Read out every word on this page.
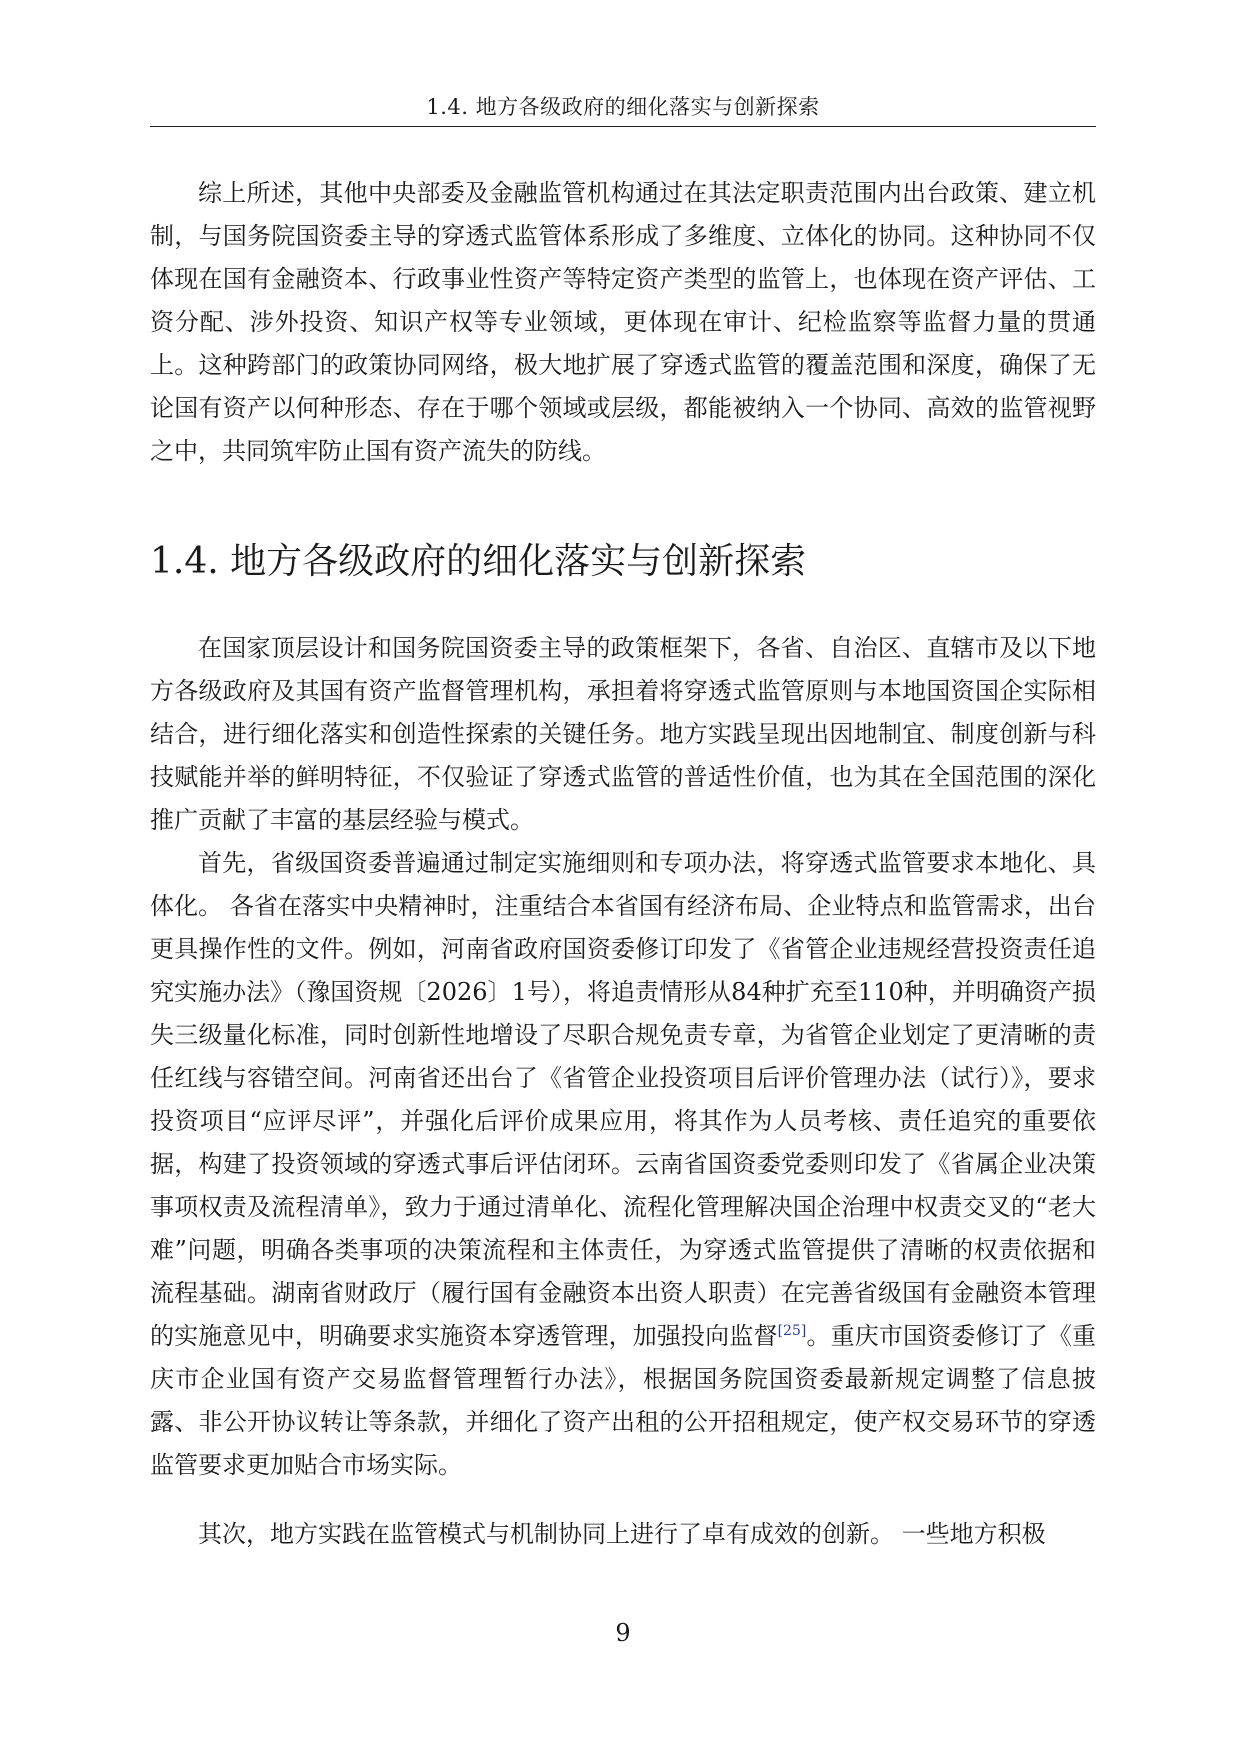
1.4. 地方各级政府的细化落实与创新探索

综上所述，其他中央部委及金融监管机构通过在其法定职责范围内出台政策、建立机制，与国务院国资委主导的穿透式监管体系形成了多维度、立体化的协同。这种协同不仅体现在国有金融资本、行政事业性资产等特定资产类型的监管上，也体现在资产评估、工资分配、涉外投资、知识产权等专业领域，更体现在审计、纪检监察等监督力量的贯通上。这种跨部门的政策协同网络，极大地扩展了穿透式监管的覆盖范围和深度，确保了无论国有资产以何种形态、存在于哪个领域或层级，都能被纳入一个协同、高效的监管视野之中，共同筑牢防止国有资产流失的防线。

1.4. 地方各级政府的细化落实与创新探索

在国家顶层设计和国务院国资委主导的政策框架下，各省、自治区、直辖市及以下地方各级政府及其国有资产监督管理机构，承担着将穿透式监管原则与本地国资国企实际相结合，进行细化落实和创造性探索的关键任务。地方实践呈现出因地制宜、制度创新与科技赋能并举的鲜明特征，不仅验证了穿透式监管的普适性价值，也为其在全国范围的深化推广贡献了丰富的基层经验与模式。

首先，省级国资委普遍通过制定实施细则和专项办法，将穿透式监管要求本地化、具体化。 各省在落实中央精神时，注重结合本省国有经济布局、企业特点和监管需求，出台更具操作性的文件。例如，河南省政府国资委修订印发了《省管企业违规经营投资责任追究实施办法》（豫国资规〔2026〕1号），将追责情形从84种扩充至110种，并明确资产损失三级量化标准，同时创新性地增设了尽职合规免责专章，为省管企业划定了更清晰的责任红线与容错空间。河南省还出台了《省管企业投资项目后评价管理办法（试行）》，要求投资项目“应评尽评”，并强化后评价成果应用，将其作为人员考核、责任追究的重要依据，构建了投资领域的穿透式事后评估闭环。云南省国资委党委则印发了《省属企业决策事项权责及流程清单》，致力于通过清单化、流程化管理解决国企治理中权责交叉的“老大难”问题，明确各类事项的决策流程和主体责任，为穿透式监管提供了清晰的权责依据和流程基础。湖南省财政厅（履行国有金融资本出资人职责）在完善省级国有金融资本管理的实施意见中，明确要求实施资本穿透管理，加强投向监督[25]。重庆市国资委修订了《重庆市企业国有资产交易监督管理暂行办法》，根据国务院国资委最新规定调整了信息披露、非公开协议转让等条款，并细化了资产出租的公开招租规定，使产权交易环节的穿透监管要求更加贴合市场实际。

其次，地方实践在监管模式与机制协同上进行了卓有成效的创新。 一些地方积极

9
